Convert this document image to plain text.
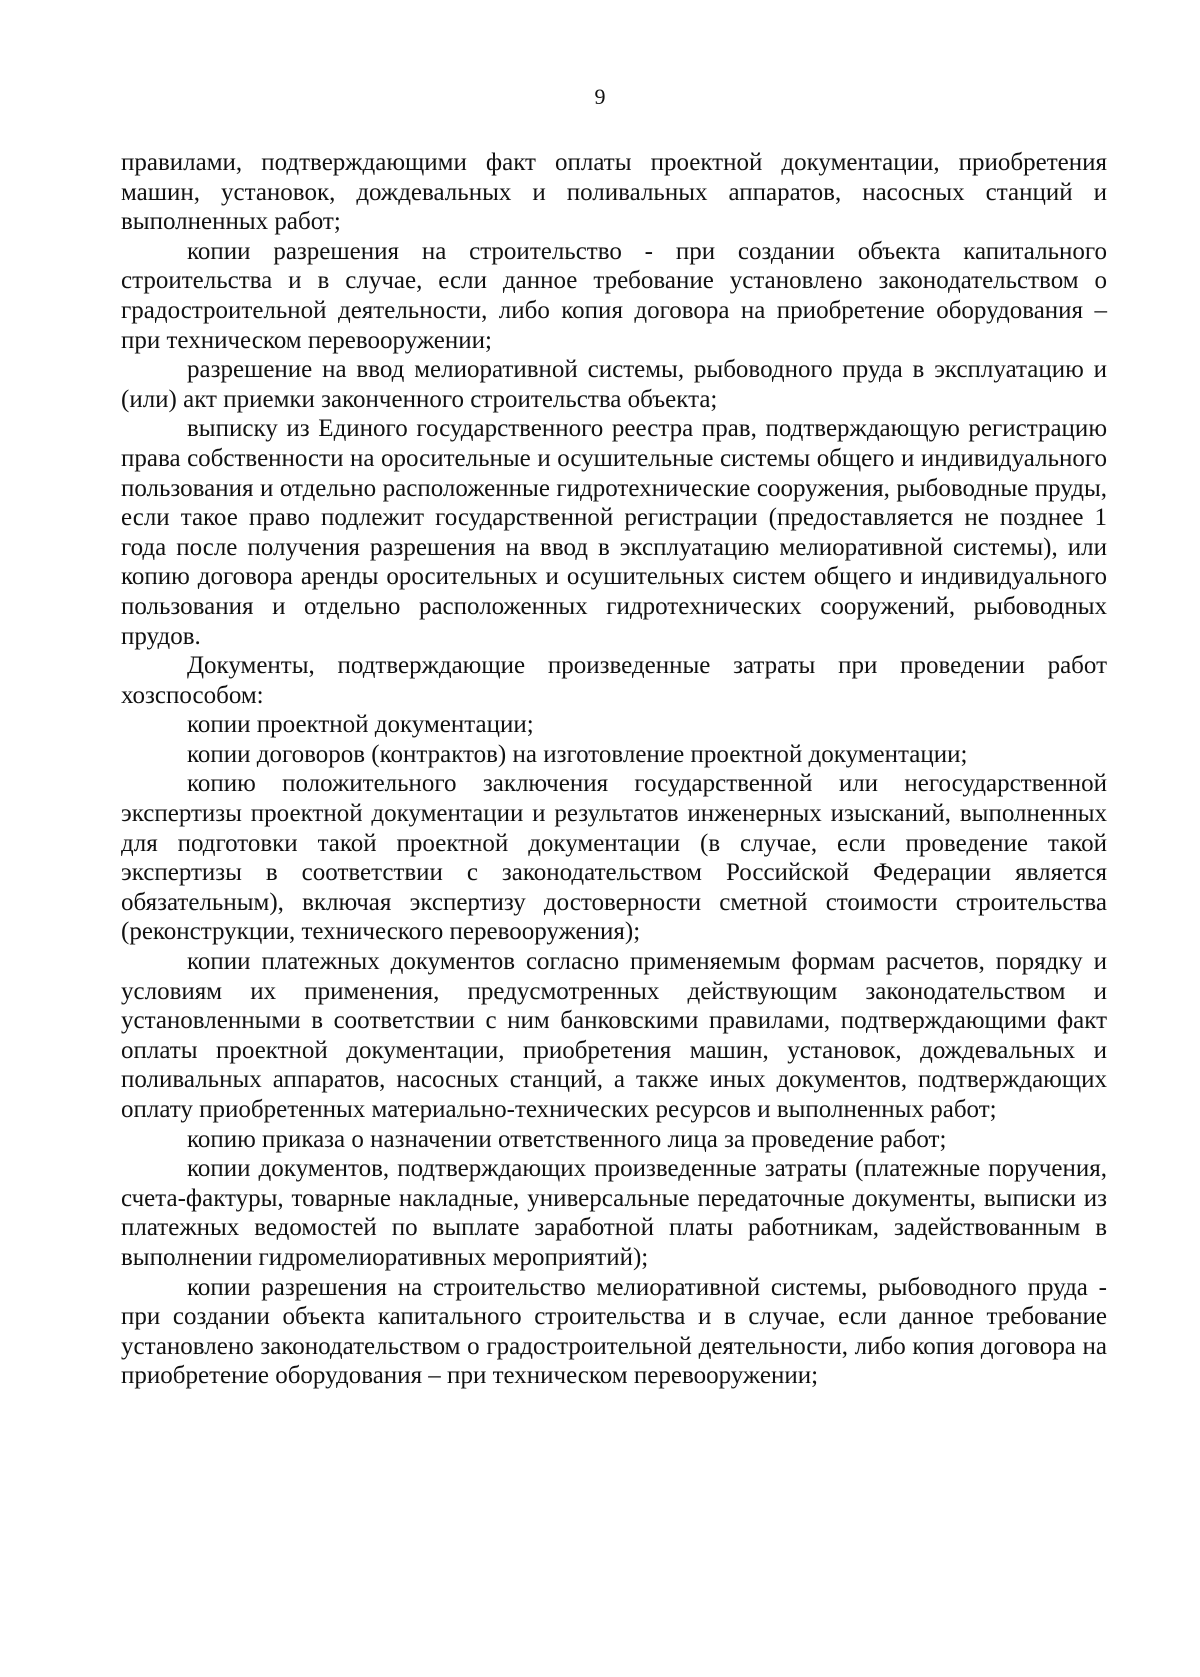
9

правилами, подтверждающими факт оплаты проектной документации, приобретения машин, установок, дождевальных и поливальных аппаратов, насосных станций и выполненных работ;

копии разрешения на строительство - при создании объекта капитального строительства и в случае, если данное требование установлено законодательством о градостроительной деятельности, либо копия договора на приобретение оборудования – при техническом перевооружении;

разрешение на ввод мелиоративной системы, рыбоводного пруда в эксплуатацию и (или) акт приемки законченного строительства объекта;

выписку из Единого государственного реестра прав, подтверждающую регистрацию права собственности на оросительные и осушительные системы общего и индивидуального пользования и отдельно расположенные гидротехнические сооружения, рыбоводные пруды, если такое право подлежит государственной регистрации (предоставляется не позднее 1 года после получения разрешения на ввод в эксплуатацию мелиоративной системы), или копию договора аренды оросительных и осушительных систем общего и индивидуального пользования и отдельно расположенных гидротехнических сооружений, рыбоводных прудов.

Документы, подтверждающие произведенные затраты при проведении работ хозспособом:

копии проектной документации;

копии договоров (контрактов) на изготовление проектной документации;

копию положительного заключения государственной или негосударственной экспертизы проектной документации и результатов инженерных изысканий, выполненных для подготовки такой проектной документации (в случае, если проведение такой экспертизы в соответствии с законодательством Российской Федерации является обязательным), включая экспертизу достоверности сметной стоимости строительства (реконструкции, технического перевооружения);

копии платежных документов согласно применяемым формам расчетов, порядку и условиям их применения, предусмотренных действующим законодательством и установленными в соответствии с ним банковскими правилами, подтверждающими факт оплаты проектной документации, приобретения машин, установок, дождевальных и поливальных аппаратов, насосных станций, а также иных документов, подтверждающих оплату приобретенных материально-технических ресурсов и выполненных работ;

копию приказа о назначении ответственного лица за проведение работ;

копии документов, подтверждающих произведенные затраты (платежные поручения, счета-фактуры, товарные накладные, универсальные передаточные документы, выписки из платежных ведомостей по выплате заработной платы работникам, задействованным в выполнении гидромелиоративных мероприятий);

копии разрешения на строительство мелиоративной системы, рыбоводного пруда - при создании объекта капитального строительства и в случае, если данное требование установлено законодательством о градостроительной деятельности, либо копия договора на приобретение оборудования – при техническом перевооружении;
